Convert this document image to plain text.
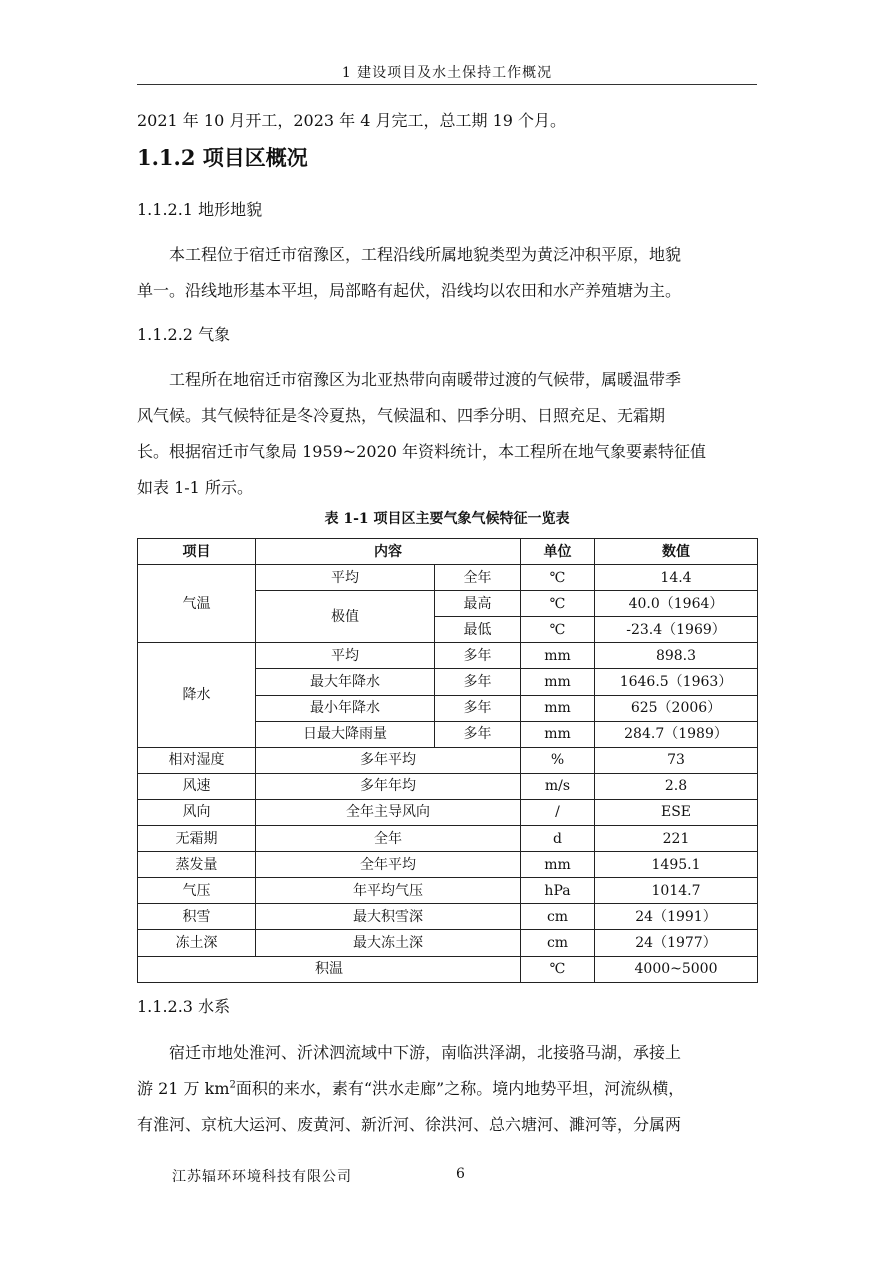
1 建设项目及水土保持工作概况
2021 年 10 月开工，2023 年 4 月完工，总工期 19 个月。
1.1.2 项目区概况
1.1.2.1 地形地貌
本工程位于宿迁市宿豫区，工程沿线所属地貌类型为黄泛冲积平原，地貌
单一。沿线地形基本平坦，局部略有起伏，沿线均以农田和水产养殖塘为主。
1.1.2.2 气象
工程所在地宿迁市宿豫区为北亚热带向南暖带过渡的气候带，属暖温带季
风气候。其气候特征是冬冷夏热，气候温和、四季分明、日照充足、无霜期
长。根据宿迁市气象局 1959~2020 年资料统计，本工程所在地气象要素特征值
如表 1-1 所示。
表 1-1 项目区主要气象气候特征一览表
项目	内容		单位	数值
气温	平均	全年	℃	14.4
	极值	最高	℃	40.0（1964）
		最低	℃	-23.4（1969）
降水	平均	多年	mm	898.3
	最大年降水	多年	mm	1646.5（1963）
	最小年降水	多年	mm	625（2006）
	日最大降雨量	多年	mm	284.7（1989）
相对湿度	多年平均		%	73
风速	多年年均		m/s	2.8
风向	全年主导风向		/	ESE
无霜期	全年		d	221
蒸发量	全年平均		mm	1495.1
气压	年平均气压		hPa	1014.7
积雪	最大积雪深		cm	24（1991）
冻土深	最大冻土深		cm	24（1977）
积温			℃	4000~5000
1.1.2.3 水系
宿迁市地处淮河、沂沭泗流域中下游，南临洪泽湖，北接骆马湖，承接上
游 21 万 $km^2$面积的来水，素有“洪水走廊”之称。境内地势平坦，河流纵横，
有淮河、京杭大运河、废黄河、新沂河、徐洪河、总六塘河、濉河等，分属两
江苏辐环环境科技有限公司	6
